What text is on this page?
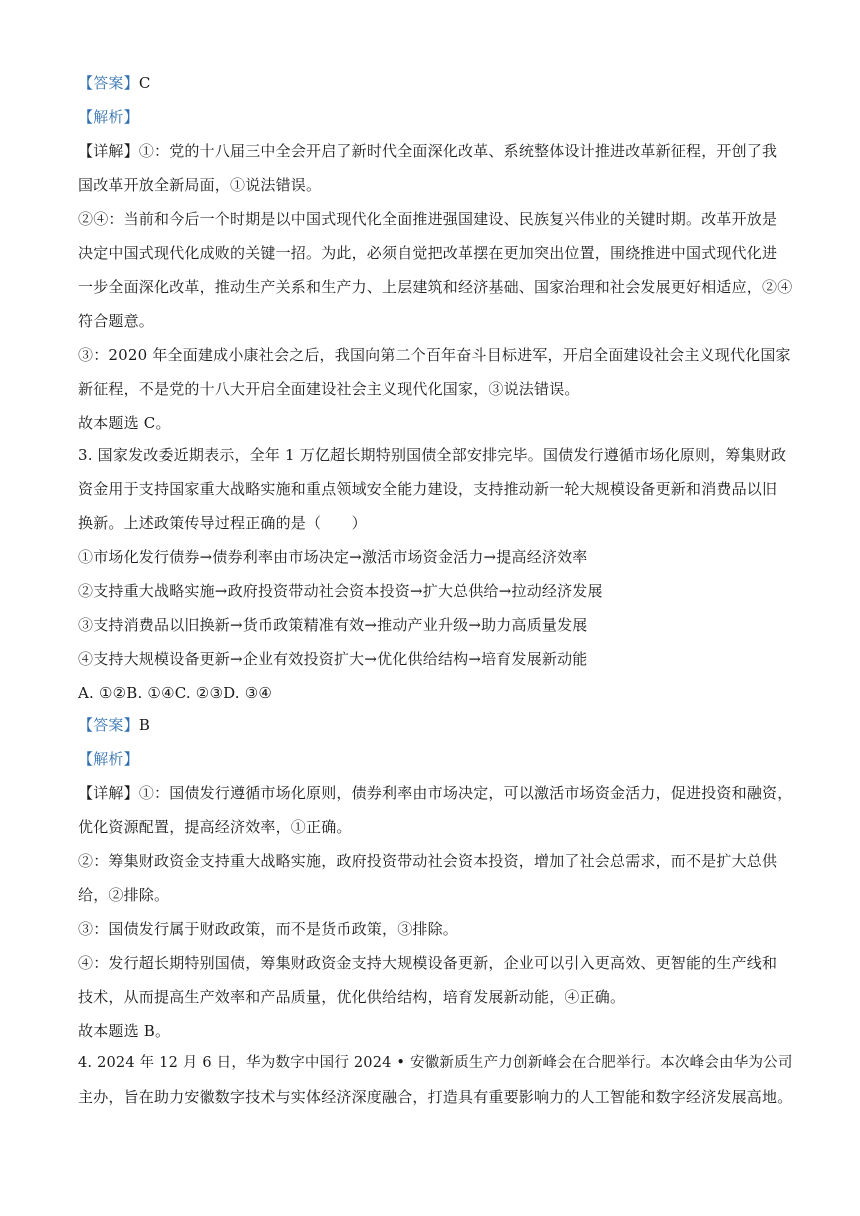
【答案】C
【解析】
【详解】①：党的十八届三中全会开启了新时代全面深化改革、系统整体设计推进改革新征程，开创了我
国改革开放全新局面，①说法错误。
②④：当前和今后一个时期是以中国式现代化全面推进强国建设、民族复兴伟业的关键时期。改革开放是
决定中国式现代化成败的关键一招。为此，必须自觉把改革摆在更加突出位置，围绕推进中国式现代化进
一步全面深化改革，推动生产关系和生产力、上层建筑和经济基础、国家治理和社会发展更好相适应，②④
符合题意。
③：2020 年全面建成小康社会之后，我国向第二个百年奋斗目标进军，开启全面建设社会主义现代化国家
新征程，不是党的十八大开启全面建设社会主义现代化国家，③说法错误。
故本题选 C。
3. 国家发改委近期表示，全年 1 万亿超长期特别国债全部安排完毕。国债发行遵循市场化原则，筹集财政
资金用于支持国家重大战略实施和重点领域安全能力建设，支持推动新一轮大规模设备更新和消费品以旧
换新。上述政策传导过程正确的是（　　）
①市场化发行债券→债券利率由市场决定→激活市场资金活力→提高经济效率
②支持重大战略实施→政府投资带动社会资本投资→扩大总供给→拉动经济发展
③支持消费品以旧换新→货币政策精准有效→推动产业升级→助力高质量发展
④支持大规模设备更新→企业有效投资扩大→优化供给结构→培育发展新动能
A. ①②B. ①④C. ②③D. ③④
【答案】B
【解析】
【详解】①：国债发行遵循市场化原则，债券利率由市场决定，可以激活市场资金活力，促进投资和融资，
优化资源配置，提高经济效率，①正确。
②：筹集财政资金支持重大战略实施，政府投资带动社会资本投资，增加了社会总需求，而不是扩大总供
给，②排除。
③：国债发行属于财政政策，而不是货币政策，③排除。
④：发行超长期特别国债，筹集财政资金支持大规模设备更新，企业可以引入更高效、更智能的生产线和
技术，从而提高生产效率和产品质量，优化供给结构，培育发展新动能，④正确。
故本题选 B。
4. 2024 年 12 月 6 日，华为数字中国行 2024 • 安徽新质生产力创新峰会在合肥举行。本次峰会由华为公司
主办，旨在助力安徽数字技术与实体经济深度融合，打造具有重要影响力的人工智能和数字经济发展高地。
